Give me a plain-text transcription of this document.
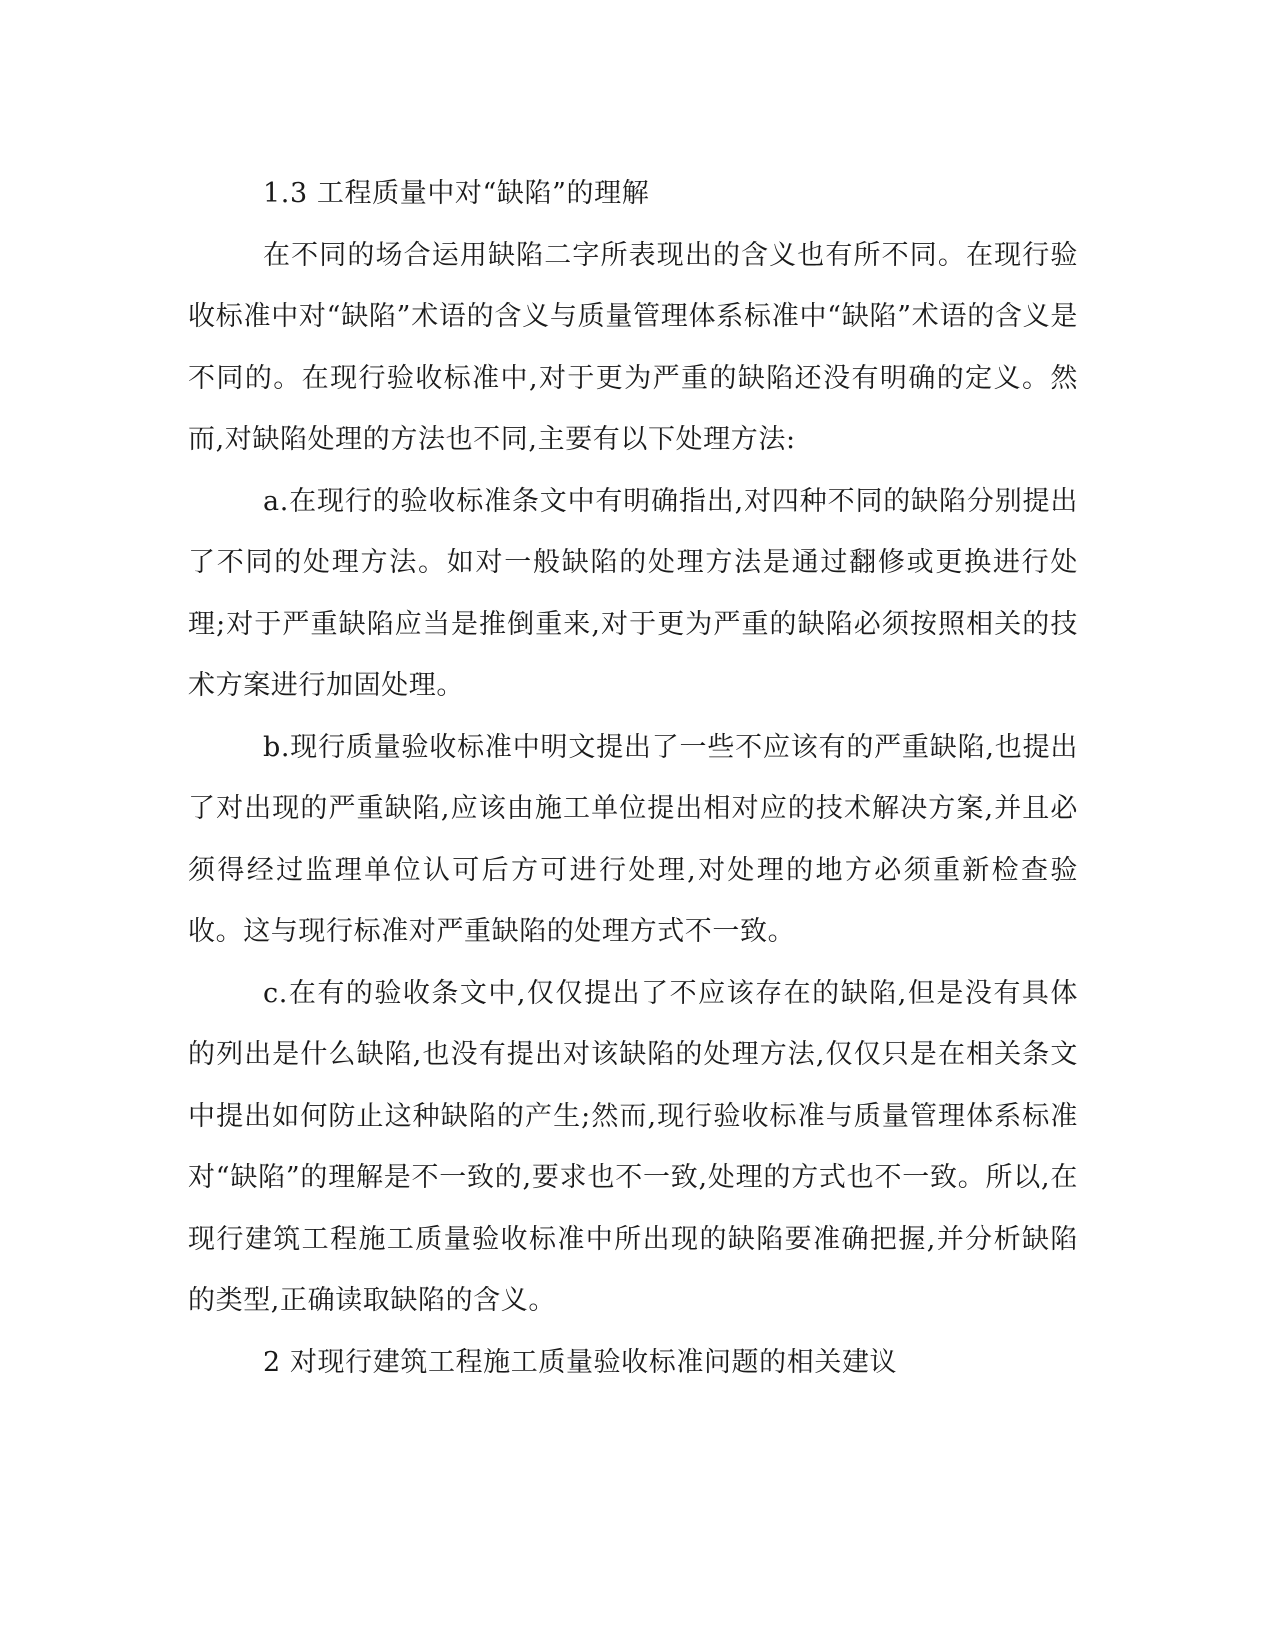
1.3 工程质量中对“缺陷”的理解

在不同的场合运用缺陷二字所表现出的含义也有所不同。在现行验收标准中对“缺陷”术语的含义与质量管理体系标准中“缺陷”术语的含义是不同的。在现行验收标准中,对于更为严重的缺陷还没有明确的定义。然而,对缺陷处理的方法也不同,主要有以下处理方法:

a.在现行的验收标准条文中有明确指出,对四种不同的缺陷分别提出了不同的处理方法。如对一般缺陷的处理方法是通过翻修或更换进行处理;对于严重缺陷应当是推倒重来,对于更为严重的缺陷必须按照相关的技术方案进行加固处理。

b.现行质量验收标准中明文提出了一些不应该有的严重缺陷,也提出了对出现的严重缺陷,应该由施工单位提出相对应的技术解决方案,并且必须得经过监理单位认可后方可进行处理,对处理的地方必须重新检查验收。这与现行标准对严重缺陷的处理方式不一致。

c.在有的验收条文中,仅仅提出了不应该存在的缺陷,但是没有具体的列出是什么缺陷,也没有提出对该缺陷的处理方法,仅仅只是在相关条文中提出如何防止这种缺陷的产生;然而,现行验收标准与质量管理体系标准对“缺陷”的理解是不一致的,要求也不一致,处理的方式也不一致。所以,在现行建筑工程施工质量验收标准中所出现的缺陷要准确把握,并分析缺陷的类型,正确读取缺陷的含义。

2 对现行建筑工程施工质量验收标准问题的相关建议
